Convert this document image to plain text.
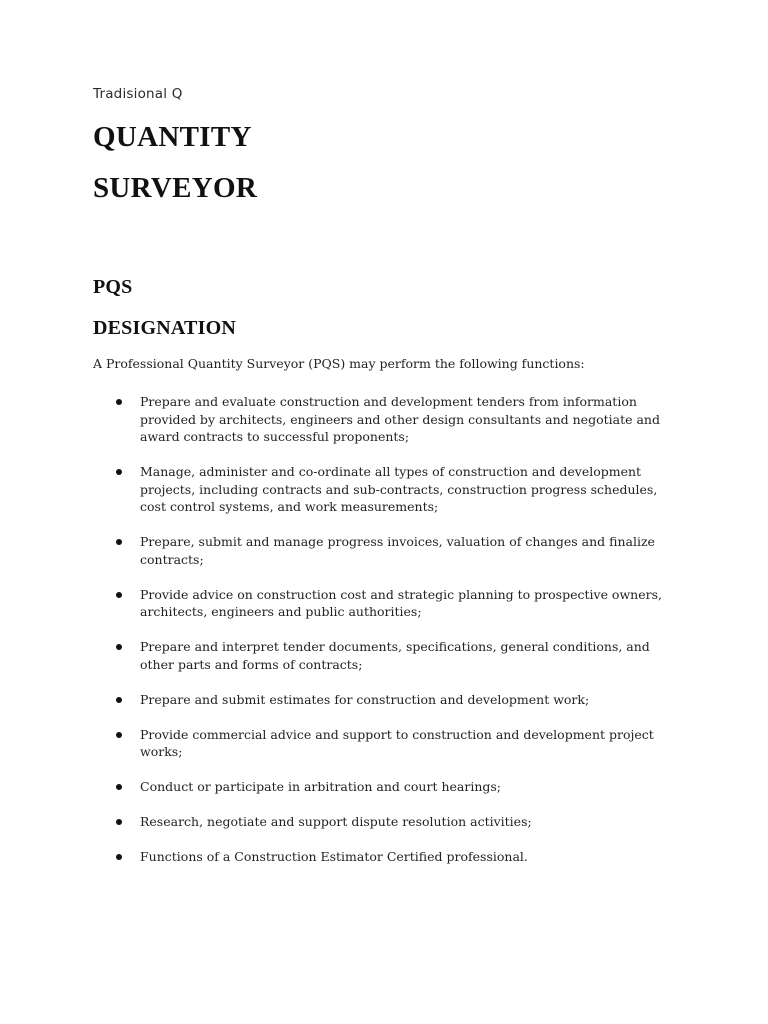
Tradisional Q
QUANTITY
SURVEYOR
PQS
DESIGNATION
A Professional Quantity Surveyor (PQS) may perform the following functions:
Prepare and evaluate construction and development tenders from information provided by architects, engineers and other design consultants and negotiate and award contracts to successful proponents;
Manage, administer and co-ordinate all types of construction and development projects, including contracts and sub-contracts, construction progress schedules, cost control systems, and work measurements;
Prepare, submit and manage progress invoices, valuation of changes and finalize contracts;
Provide advice on construction cost and strategic planning to prospective owners, architects, engineers and public authorities;
Prepare and interpret tender documents, specifications, general conditions, and other parts and forms of contracts;
Prepare and submit estimates for construction and development work;
Provide commercial advice and support to construction and development project works;
Conduct or participate in arbitration and court hearings;
Research, negotiate and support dispute resolution activities;
Functions of a Construction Estimator Certified professional.
